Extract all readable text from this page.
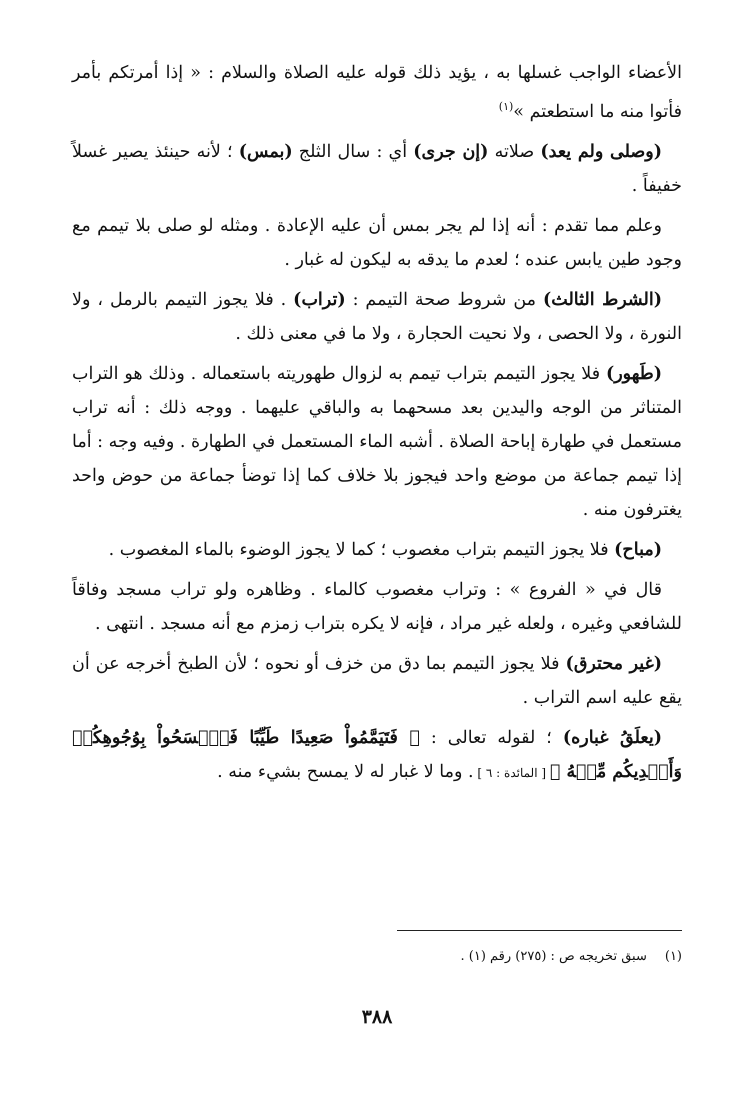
الأعضاء الواجب غسلها به ، يؤيد ذلك قوله عليه الصلاة والسلام : « إذا أمرتكم بأمر فأتوا منه ما استطعتم »$^{(١)}$

(وصلى ولم يعد) صلاته (إن جرى) أي : سال الثلج (بمس) ؛ لأنه حينئذ يصير غسلاً خفيفاً .

وعلم مما تقدم : أنه إذا لم يجر بمس أن عليه الإعادة . ومثله لو صلى بلا تيمم مع وجود طين يابس عنده ؛ لعدم ما يدقه به ليكون له غبار .

(الشرط الثالث) من شروط صحة التيمم : (تراب) . فلا يجوز التيمم بالرمل ، ولا النورة ، ولا الحصى ، ولا نحيت الحجارة ، ولا ما في معنى ذلك .

(طَهور) فلا يجوز التيمم بتراب تيمم به لزوال طهوريته باستعماله . وذلك هو التراب المتناثر من الوجه واليدين بعد مسحهما به والباقي عليهما . ووجه ذلك : أنه تراب مستعمل في طهارة إباحة الصلاة . أشبه الماء المستعمل في الطهارة . وفيه وجه : أما إذا تيمم جماعة من موضع واحد فيجوز بلا خلاف كما إذا توضأ جماعة من حوض واحد يغترفون منه .

(مباح) فلا يجوز التيمم بتراب مغصوب ؛ كما لا يجوز الوضوء بالماء المغصوب .

قال في « الفروع » : وتراب مغصوب كالماء . وظاهره ولو تراب مسجد وفاقاً للشافعي وغيره ، ولعله غير مراد ، فإنه لا يكره بتراب زمزم مع أنه مسجد . انتهى .

(غير محترق) فلا يجوز التيمم بما دق من خزف أو نحوه ؛ لأن الطبخ أخرجه عن أن يقع عليه اسم التراب .

(يعلَقُ غباره) ؛ لقوله تعالى : ﴿ فَتَيَمَّمُواْ صَعِيدًا طَيِّبًا فَٱمۡسَحُواْ بِوُجُوهِكُمۡ وَأَيۡدِيكُم مِّنۡهُ ﴾ [ المائدة : ٦ ] . وما لا غبار له لا يمسح بشيء منه .

(١)سبق تخريجه ص : (٢٧٥) رقم (١) .
٣٨٨
